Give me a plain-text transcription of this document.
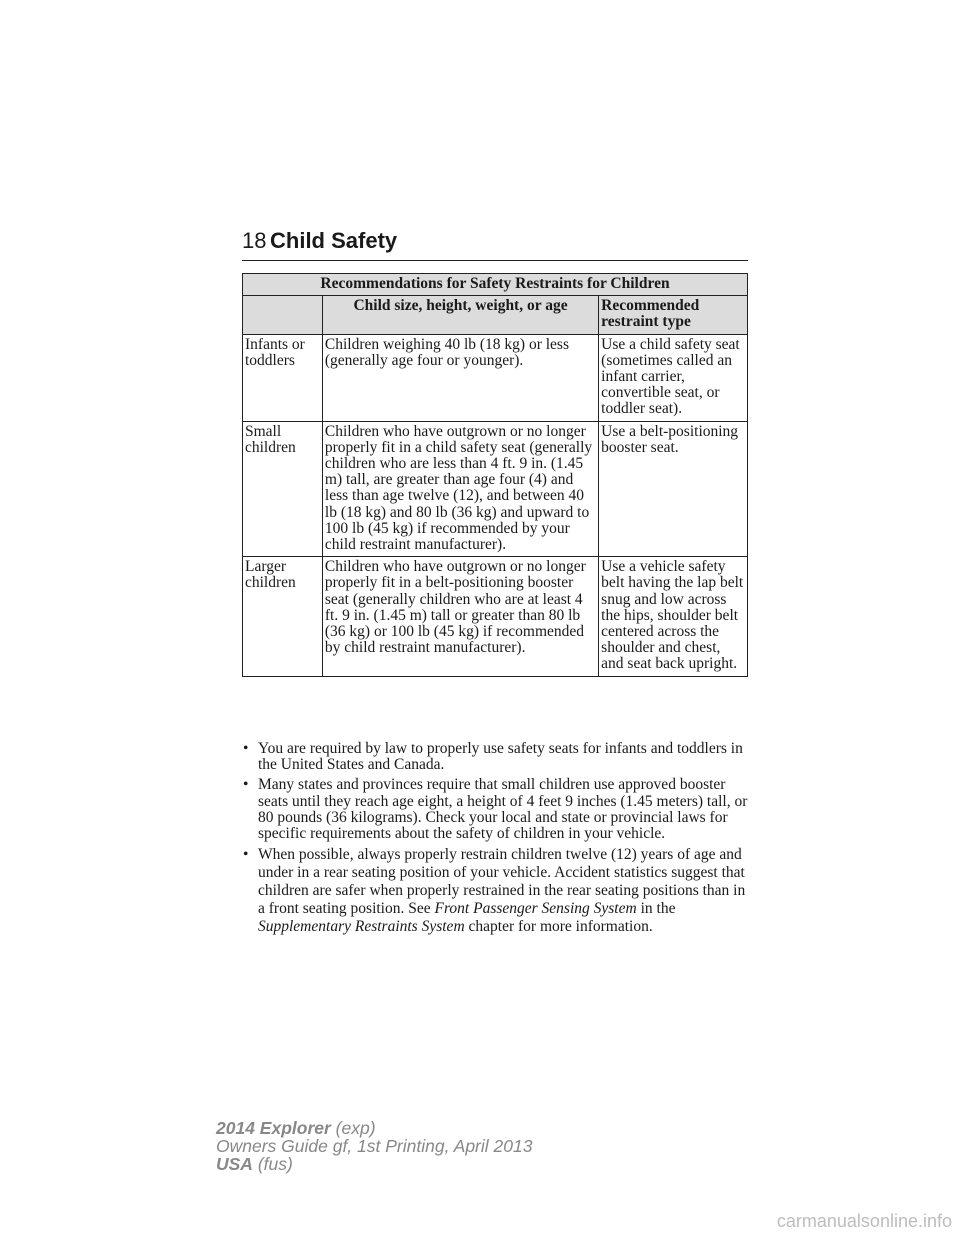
18 Child Safety
Recommendations for Safety Restraints for Children		
	Child size, height, weight, or age	Recommended restraint type
Infants or toddlers	Children weighing 40 lb (18 kg) or less (generally age four or younger).	Use a child safety seat (sometimes called an infant carrier, convertible seat, or toddler seat).
Small children	Children who have outgrown or no longer properly fit in a child safety seat (generally children who are less than 4 ft. 9 in. (1.45 m) tall, are greater than age four (4) and less than age twelve (12), and between 40 lb (18 kg) and 80 lb (36 kg) and upward to 100 lb (45 kg) if recommended by your child restraint manufacturer).	Use a belt-positioning booster seat.
Larger children	Children who have outgrown or no longer properly fit in a belt-positioning booster seat (generally children who are at least 4 ft. 9 in. (1.45 m) tall or greater than 80 lb (36 kg) or 100 lb (45 kg) if recommended by child restraint manufacturer).	Use a vehicle safety belt having the lap belt snug and low across the hips, shoulder belt centered across the shoulder and chest, and seat back upright.
• You are required by law to properly use safety seats for infants and toddlers in the United States and Canada.
• Many states and provinces require that small children use approved booster seats until they reach age eight, a height of 4 feet 9 inches (1.45 meters) tall, or 80 pounds (36 kilograms). Check your local and state or provincial laws for specific requirements about the safety of children in your vehicle.
• When possible, always properly restrain children twelve (12) years of age and under in a rear seating position of your vehicle. Accident statistics suggest that children are safer when properly restrained in the rear seating positions than in a front seating position. See Front Passenger Sensing System in the Supplementary Restraints System chapter for more information.
2014 Explorer (exp)
Owners Guide gf, 1st Printing, April 2013
USA (fus)
carmanualsonline.info
